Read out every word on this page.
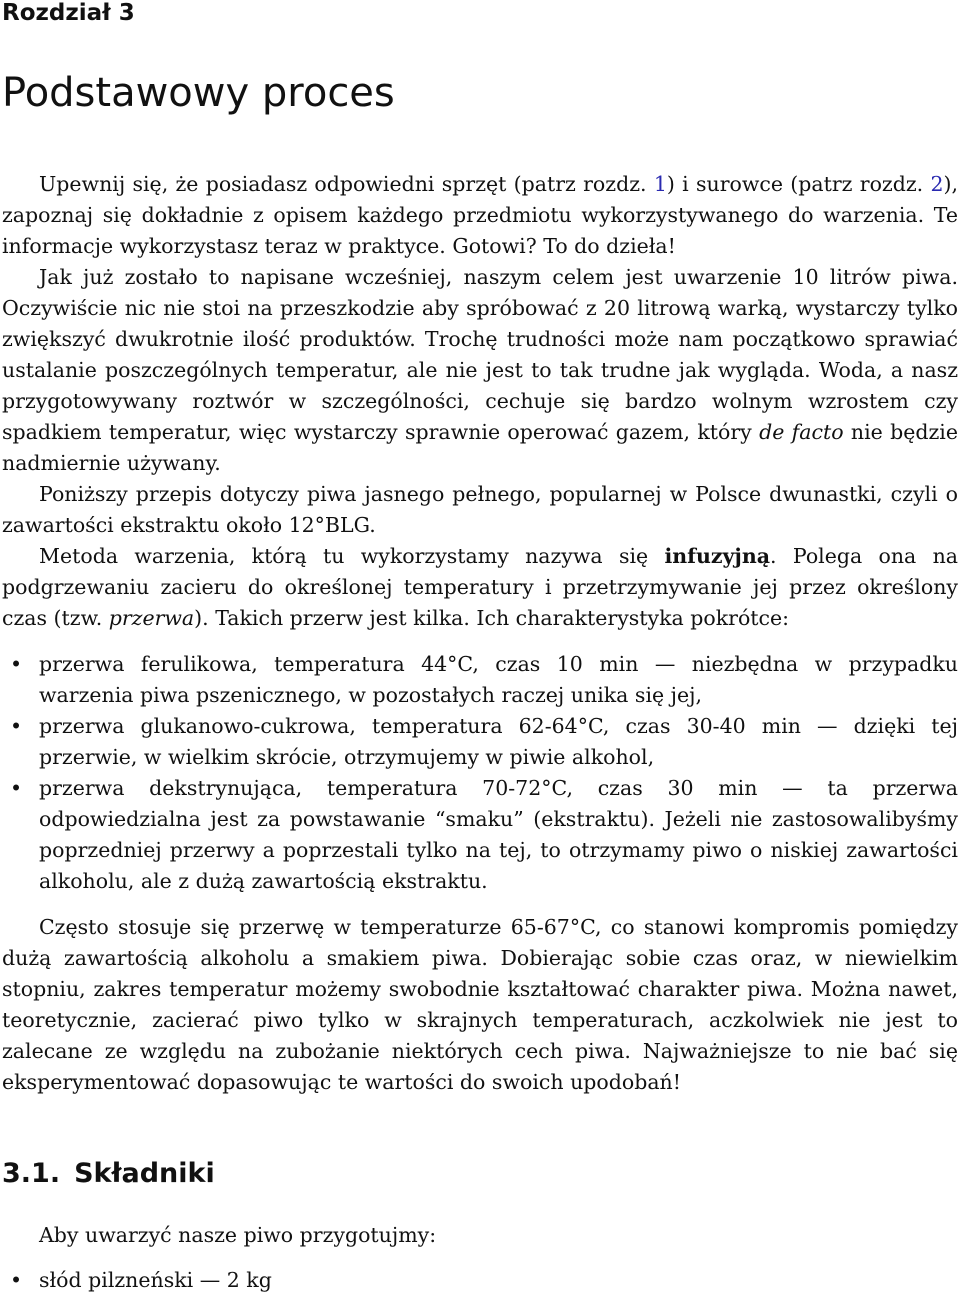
Rozdział 3
Podstawowy proces

Upewnij się, że posiadasz odpowiedni sprzęt (patrz rozdz. 1) i surowce (patrz rozdz. 2), zapoznaj się dokładnie z opisem każdego przedmiotu wykorzystywanego do warzenia. Te informacje wykorzystasz teraz w praktyce. Gotowi? To do dzieła!

Jak już zostało to napisane wcześniej, naszym celem jest uwarzenie 10 litrów piwa. Oczywiście nic nie stoi na przeszkodzie aby spróbować z 20 litrową warką, wystarczy tylko zwiększyć dwukrotnie ilość produktów. Trochę trudności może nam początkowo sprawiać ustalanie poszczególnych temperatur, ale nie jest to tak trudne jak wygląda. Woda, a nasz przygotowywany roztwór w szczególności, cechuje się bardzo wolnym wzrostem czy spadkiem temperatur, więc wystarczy sprawnie operować gazem, który de facto nie będzie nadmiernie używany.

Poniższy przepis dotyczy piwa jasnego pełnego, popularnej w Polsce dwunastki, czyli o zawartości ekstraktu około 12°BLG.

Metoda warzenia, którą tu wykorzystamy nazywa się infuzyjną. Polega ona na podgrzewaniu zacieru do określonej temperatury i przetrzymywanie jej przez określony czas (tzw. przerwa). Takich przerw jest kilka. Ich charakterystyka pokrótce:

• przerwa ferulikowa, temperatura 44°C, czas 10 min — niezbędna w przypadku warzenia piwa pszenicznego, w pozostałych raczej unika się jej,
• przerwa glukanowo-cukrowa, temperatura 62-64°C, czas 30-40 min — dzięki tej przerwie, w wielkim skrócie, otrzymujemy w piwie alkohol,
• przerwa dekstrynująca, temperatura 70-72°C, czas 30 min — ta przerwa odpowiedzialna jest za powstawanie “smaku” (ekstraktu). Jeżeli nie zastosowalibyśmy poprzedniej przerwy a poprzestali tylko na tej, to otrzymamy piwo o niskiej zawartości alkoholu, ale z dużą zawartością ekstraktu.

Często stosuje się przerwę w temperaturze 65-67°C, co stanowi kompromis pomiędzy dużą zawartością alkoholu a smakiem piwa. Dobierając sobie czas oraz, w niewielkim stopniu, zakres temperatur możemy swobodnie kształtować charakter piwa. Można nawet, teoretycznie, zacierać piwo tylko w skrajnych temperaturach, aczkolwiek nie jest to zalecane ze względu na zubożanie niektórych cech piwa. Najważniejsze to nie bać się eksperymentować dopasowując te wartości do swoich upodobań!

3.1. Składniki

Aby uwarzyć nasze piwo przygotujmy:

• słód pilzneński — 2 kg
